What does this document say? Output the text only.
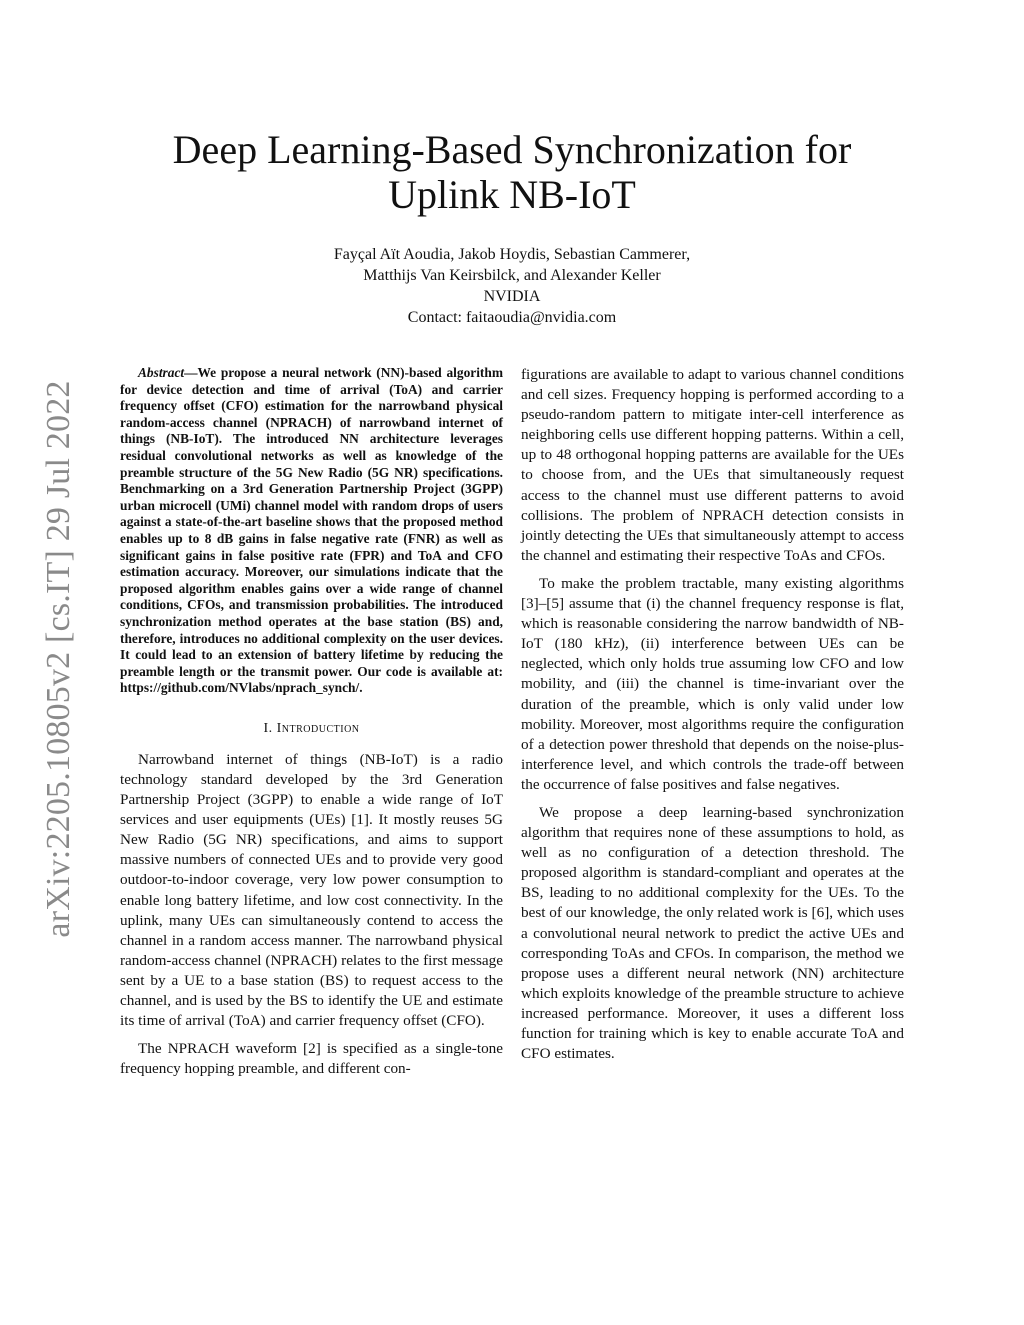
arXiv:2205.10805v2 [cs.IT] 29 Jul 2022
Deep Learning-Based Synchronization for
Uplink NB-IoT
Fayçal Aït Aoudia, Jakob Hoydis, Sebastian Cammerer,
Matthijs Van Keirsbilck, and Alexander Keller
NVIDIA
Contact: faitaoudia@nvidia.com

Abstract—We propose a neural network (NN)-based algorithm for device detection and time of arrival (ToA) and carrier frequency offset (CFO) estimation for the narrowband physical random-access channel (NPRACH) of narrowband internet of things (NB-IoT). The introduced NN architecture leverages residual convolutional networks as well as knowledge of the preamble structure of the 5G New Radio (5G NR) specifications. Benchmarking on a 3rd Generation Partnership Project (3GPP) urban microcell (UMi) channel model with random drops of users against a state-of-the-art baseline shows that the proposed method enables up to 8 dB gains in false negative rate (FNR) as well as significant gains in false positive rate (FPR) and ToA and CFO estimation accuracy. Moreover, our simulations indicate that the proposed algorithm enables gains over a wide range of channel conditions, CFOs, and transmission probabilities. The introduced synchronization method operates at the base station (BS) and, therefore, introduces no additional complexity on the user devices. It could lead to an extension of battery lifetime by reducing the preamble length or the transmit power. Our code is available at: https://github.com/NVlabs/nprach_synch/.

I. Introduction

Narrowband internet of things (NB-IoT) is a radio technology standard developed by the 3rd Generation Partnership Project (3GPP) to enable a wide range of IoT services and user equipments (UEs) [1]. It mostly reuses 5G New Radio (5G NR) specifications, and aims to support massive numbers of connected UEs and to provide very good outdoor-to-indoor coverage, very low power consumption to enable long battery lifetime, and low cost connectivity. In the uplink, many UEs can simultaneously contend to access the channel in a random access manner. The narrowband physical random-access channel (NPRACH) relates to the first message sent by a UE to a base station (BS) to request access to the channel, and is used by the BS to identify the UE and estimate its time of arrival (ToA) and carrier frequency offset (CFO).

The NPRACH waveform [2] is specified as a single-tone frequency hopping preamble, and different con-

figurations are available to adapt to various channel conditions and cell sizes. Frequency hopping is performed according to a pseudo-random pattern to mitigate inter-cell interference as neighboring cells use different hopping patterns. Within a cell, up to 48 orthogonal hopping patterns are available for the UEs to choose from, and the UEs that simultaneously request access to the channel must use different patterns to avoid collisions. The problem of NPRACH detection consists in jointly detecting the UEs that simultaneously attempt to access the channel and estimating their respective ToAs and CFOs.

To make the problem tractable, many existing algorithms [3]–[5] assume that (i) the channel frequency response is flat, which is reasonable considering the narrow bandwidth of NB-IoT (180 kHz), (ii) interference between UEs can be neglected, which only holds true assuming low CFO and low mobility, and (iii) the channel is time-invariant over the duration of the preamble, which is only valid under low mobility. Moreover, most algorithms require the configuration of a detection power threshold that depends on the noise-plus-interference level, and which controls the trade-off between the occurrence of false positives and false negatives.

We propose a deep learning-based synchronization algorithm that requires none of these assumptions to hold, as well as no configuration of a detection threshold. The proposed algorithm is standard-compliant and operates at the BS, leading to no additional complexity for the UEs. To the best of our knowledge, the only related work is [6], which uses a convolutional neural network to predict the active UEs and corresponding ToAs and CFOs. In comparison, the method we propose uses a different neural network (NN) architecture which exploits knowledge of the preamble structure to achieve increased performance. Moreover, it uses a different loss function for training which is key to enable accurate ToA and CFO estimates.
